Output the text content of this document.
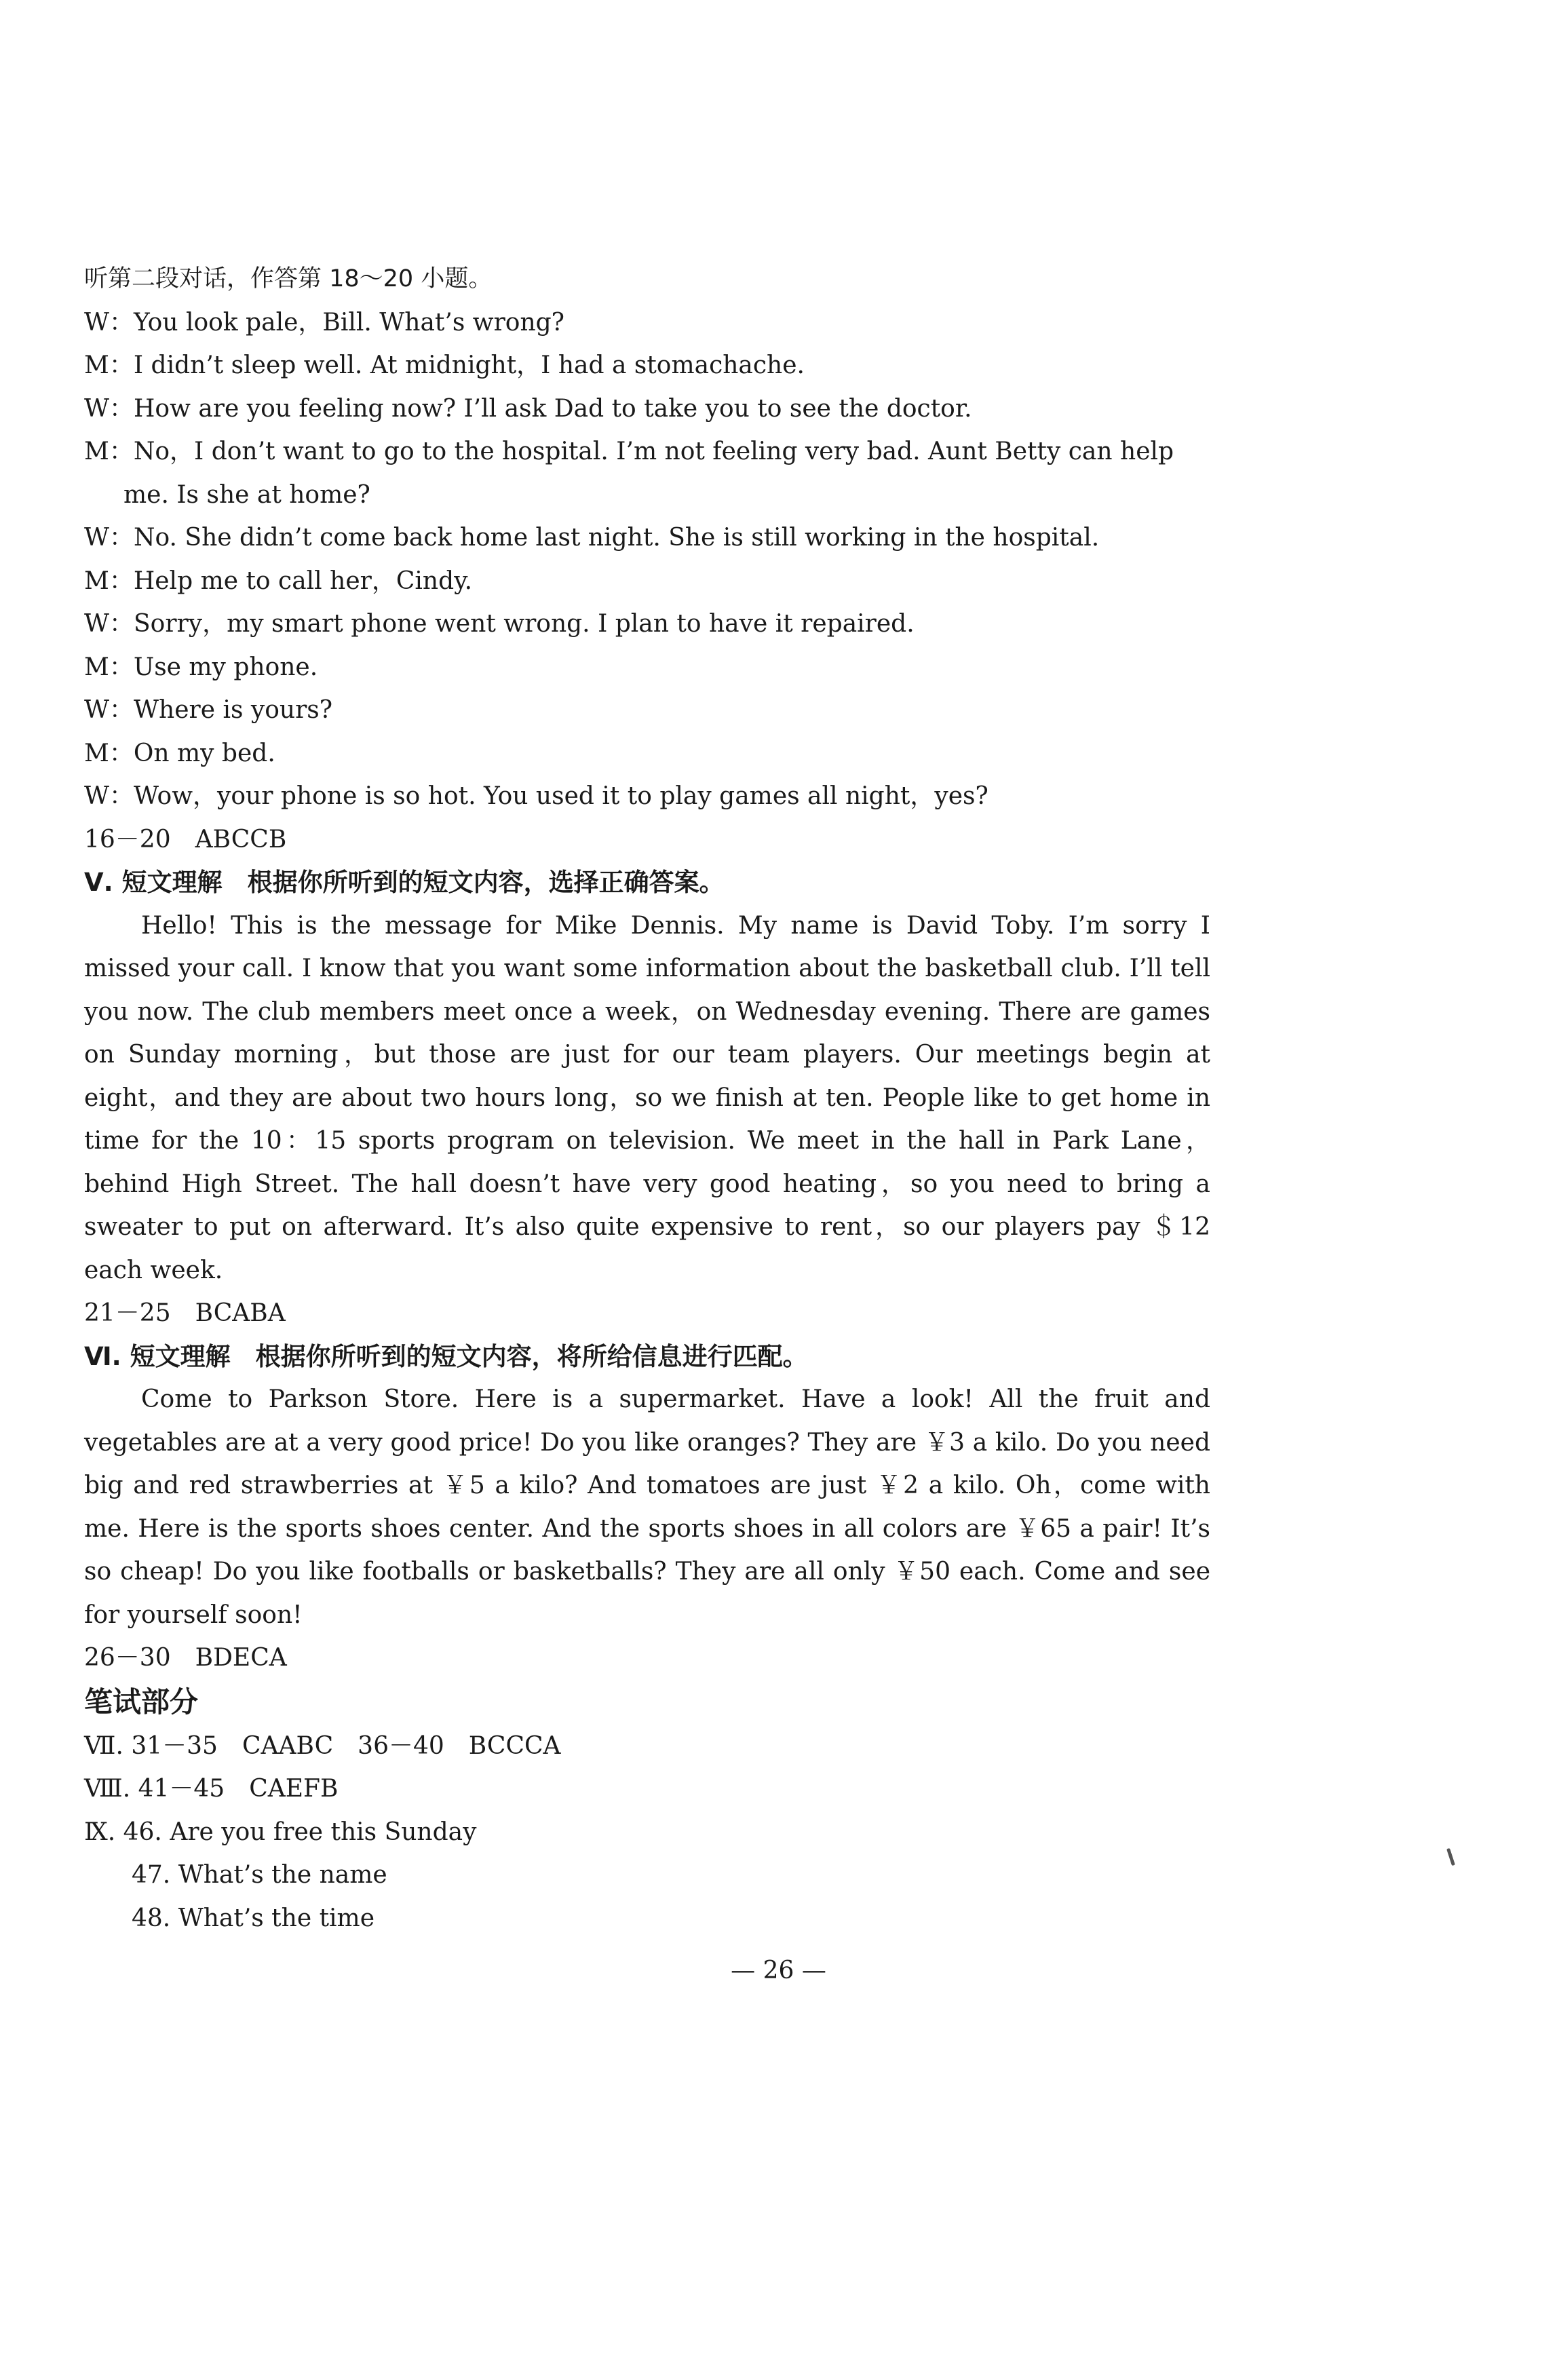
听第二段对话，作答第 18～20 小题。
W：You look pale，Bill. What’s wrong?
M：I didn’t sleep well. At midnight，I had a stomachache.
W：How are you feeling now? I’ll ask Dad to take you to see the doctor.
M：No，I don’t want to go to the hospital. I’m not feeling very bad. Aunt Betty can help
me. Is she at home?
W：No. She didn’t come back home last night. She is still working in the hospital.
M：Help me to call her，Cindy.
W：Sorry，my smart phone went wrong. I plan to have it repaired.
M：Use my phone.
W：Where is yours?
M：On my bed.
W：Wow，your phone is so hot. You used it to play games all night，yes?
16－20　ABCCB
Ⅴ. 短文理解　根据你所听到的短文内容，选择正确答案。
Hello! This is the message for Mike Dennis. My name is David Toby. I’m sorry I missed your call. I know that you want some information about the basketball club. I’ll tell you now. The club members meet once a week，on Wednesday evening. There are games on Sunday morning，but those are just for our team players. Our meetings begin at eight，and they are about two hours long，so we finish at ten. People like to get home in time for the 10：15 sports program on television. We meet in the hall in Park Lane，behind High Street. The hall doesn’t have very good heating，so you need to bring a sweater to put on afterward. It’s also quite expensive to rent，so our players pay ＄12 each week.
21－25　BCABA
Ⅵ. 短文理解　根据你所听到的短文内容，将所给信息进行匹配。
Come to Parkson Store. Here is a supermarket. Have a look! All the fruit and vegetables are at a very good price! Do you like oranges? They are ￥3 a kilo. Do you need big and red strawberries at ￥5 a kilo? And tomatoes are just ￥2 a kilo. Oh，come with me. Here is the sports shoes center. And the sports shoes in all colors are ￥65 a pair! It’s so cheap! Do you like footballs or basketballs? They are all only ￥50 each. Come and see for yourself soon!
26－30　BDECA
笔试部分
Ⅶ. 31－35　CAABC　36－40　BCCCA
Ⅷ. 41－45　CAEFB
Ⅸ. 46. Are you free this Sunday
47. What’s the name
48. What’s the time
— 26 —
